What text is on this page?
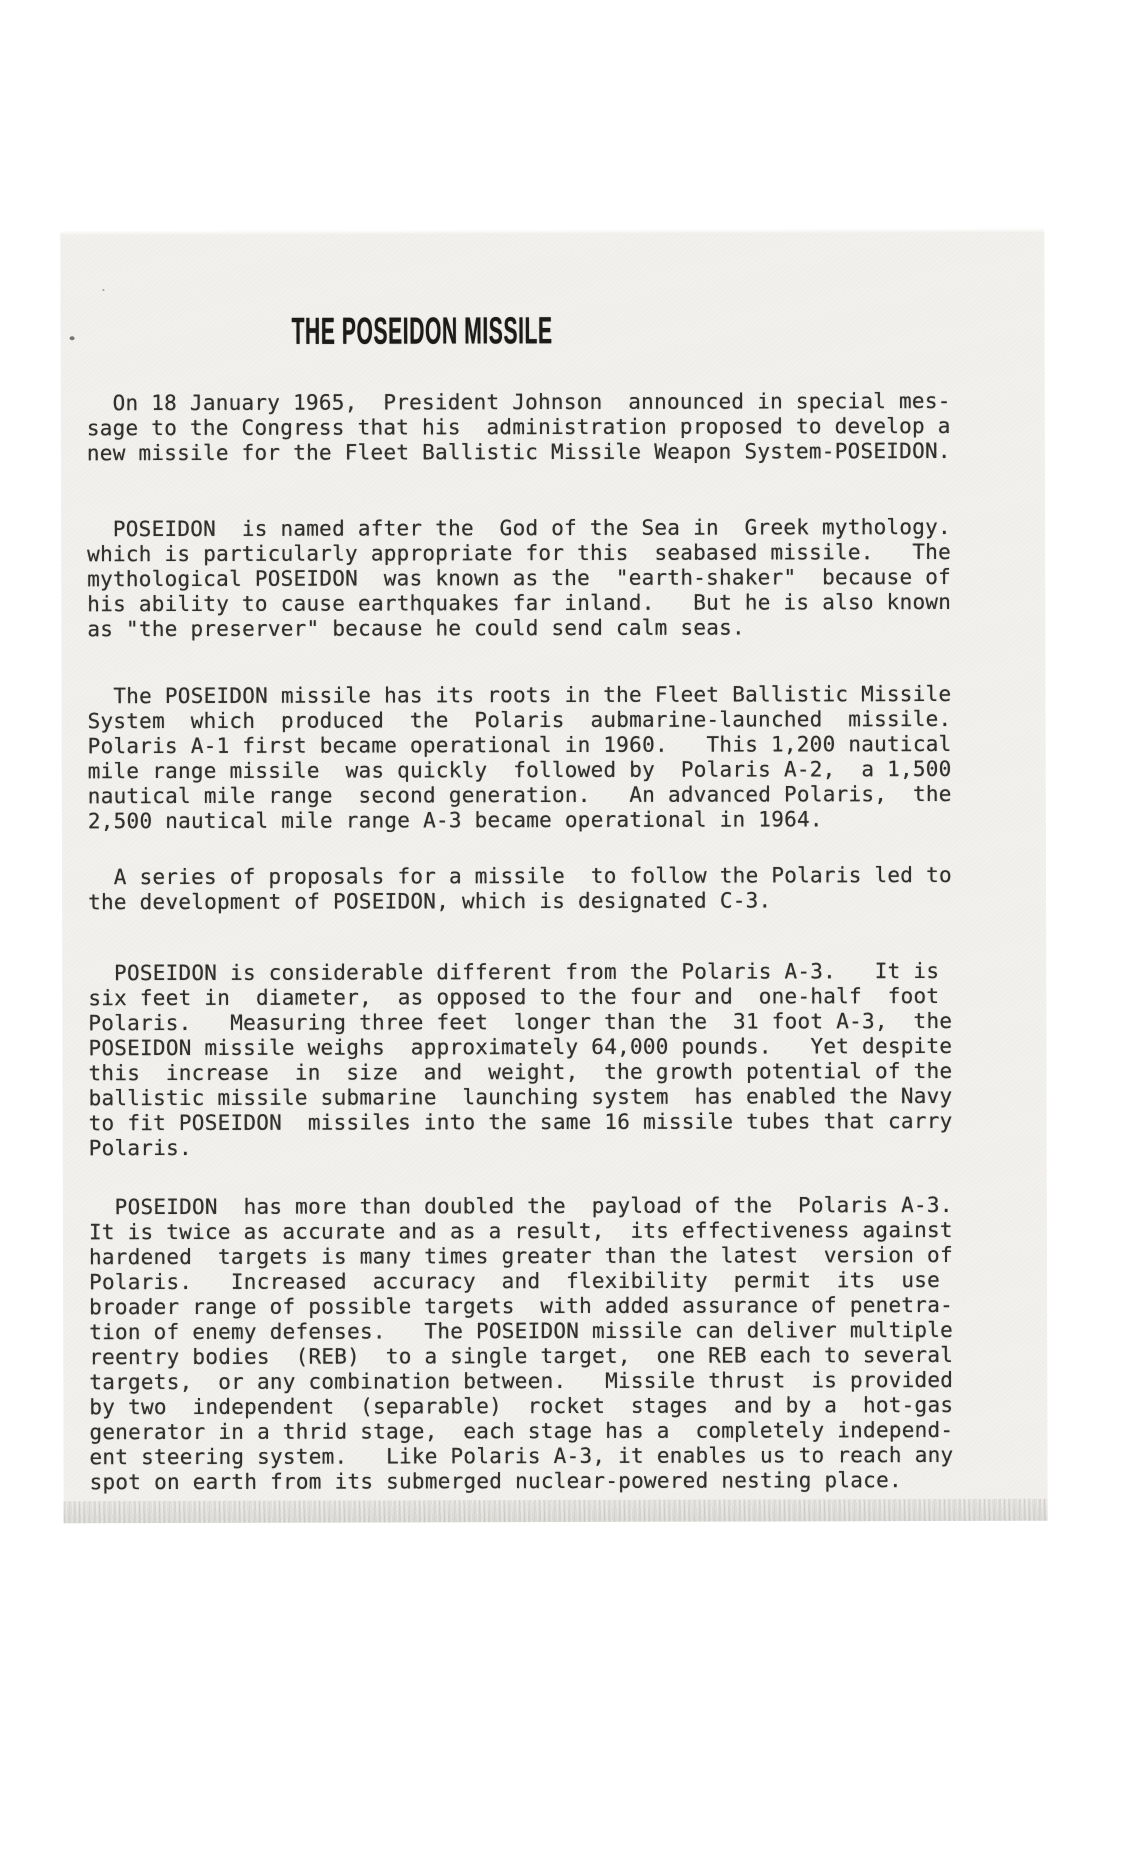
THE POSEIDON MISSILE

On 18 January 1965,  President Johnson  announced in special mes-
sage to the Congress that his  administration proposed to develop a
new missile for the Fleet Ballistic Missile Weapon System-POSEIDON.

POSEIDON  is named after the  God of the Sea in  Greek mythology.
which is particularly appropriate for this  seabased missile.   The
mythological POSEIDON  was known as the  "earth-shaker"  because of
his ability to cause earthquakes far inland.   But he is also known
as "the preserver" because he could send calm seas.

The POSEIDON missile has its roots in the Fleet Ballistic Missile
System  which  produced  the  Polaris  aubmarine-launched  missile.
Polaris A-1 first became operational in 1960.   This 1,200 nautical
mile range missile  was quickly  followed by  Polaris A-2,  a 1,500
nautical mile range  second generation.   An advanced Polaris,  the
2,500 nautical mile range A-3 became operational in 1964.

A series of proposals for a missile  to follow the Polaris led to
the development of POSEIDON, which is designated C-3.

POSEIDON is considerable different from the Polaris A-3.   It is
six feet in  diameter,  as opposed to the four and  one-half  foot
Polaris.   Measuring three feet  longer than the  31 foot A-3,  the
POSEIDON missile weighs  approximately 64,000 pounds.   Yet despite
this  increase  in  size  and  weight,  the growth potential of the
ballistic missile submarine  launching system  has enabled the Navy
to fit POSEIDON  missiles into the same 16 missile tubes that carry
Polaris.

POSEIDON  has more than doubled the  payload of the  Polaris A-3.
It is twice as accurate and as a result,  its effectiveness against
hardened  targets is many times greater than the latest  version of
Polaris.   Increased  accuracy  and  flexibility  permit  its  use
broader range of possible targets  with added assurance of penetra-
tion of enemy defenses.   The POSEIDON missile can deliver multiple
reentry bodies  (REB)  to a single target,  one REB each to several
targets,  or any combination between.   Missile thrust  is provided
by two  independent  (separable)  rocket  stages  and by a  hot-gas
generator in a thrid stage,  each stage has a  completely independ-
ent steering system.   Like Polaris A-3, it enables us to reach any
spot on earth from its submerged nuclear-powered nesting place.
